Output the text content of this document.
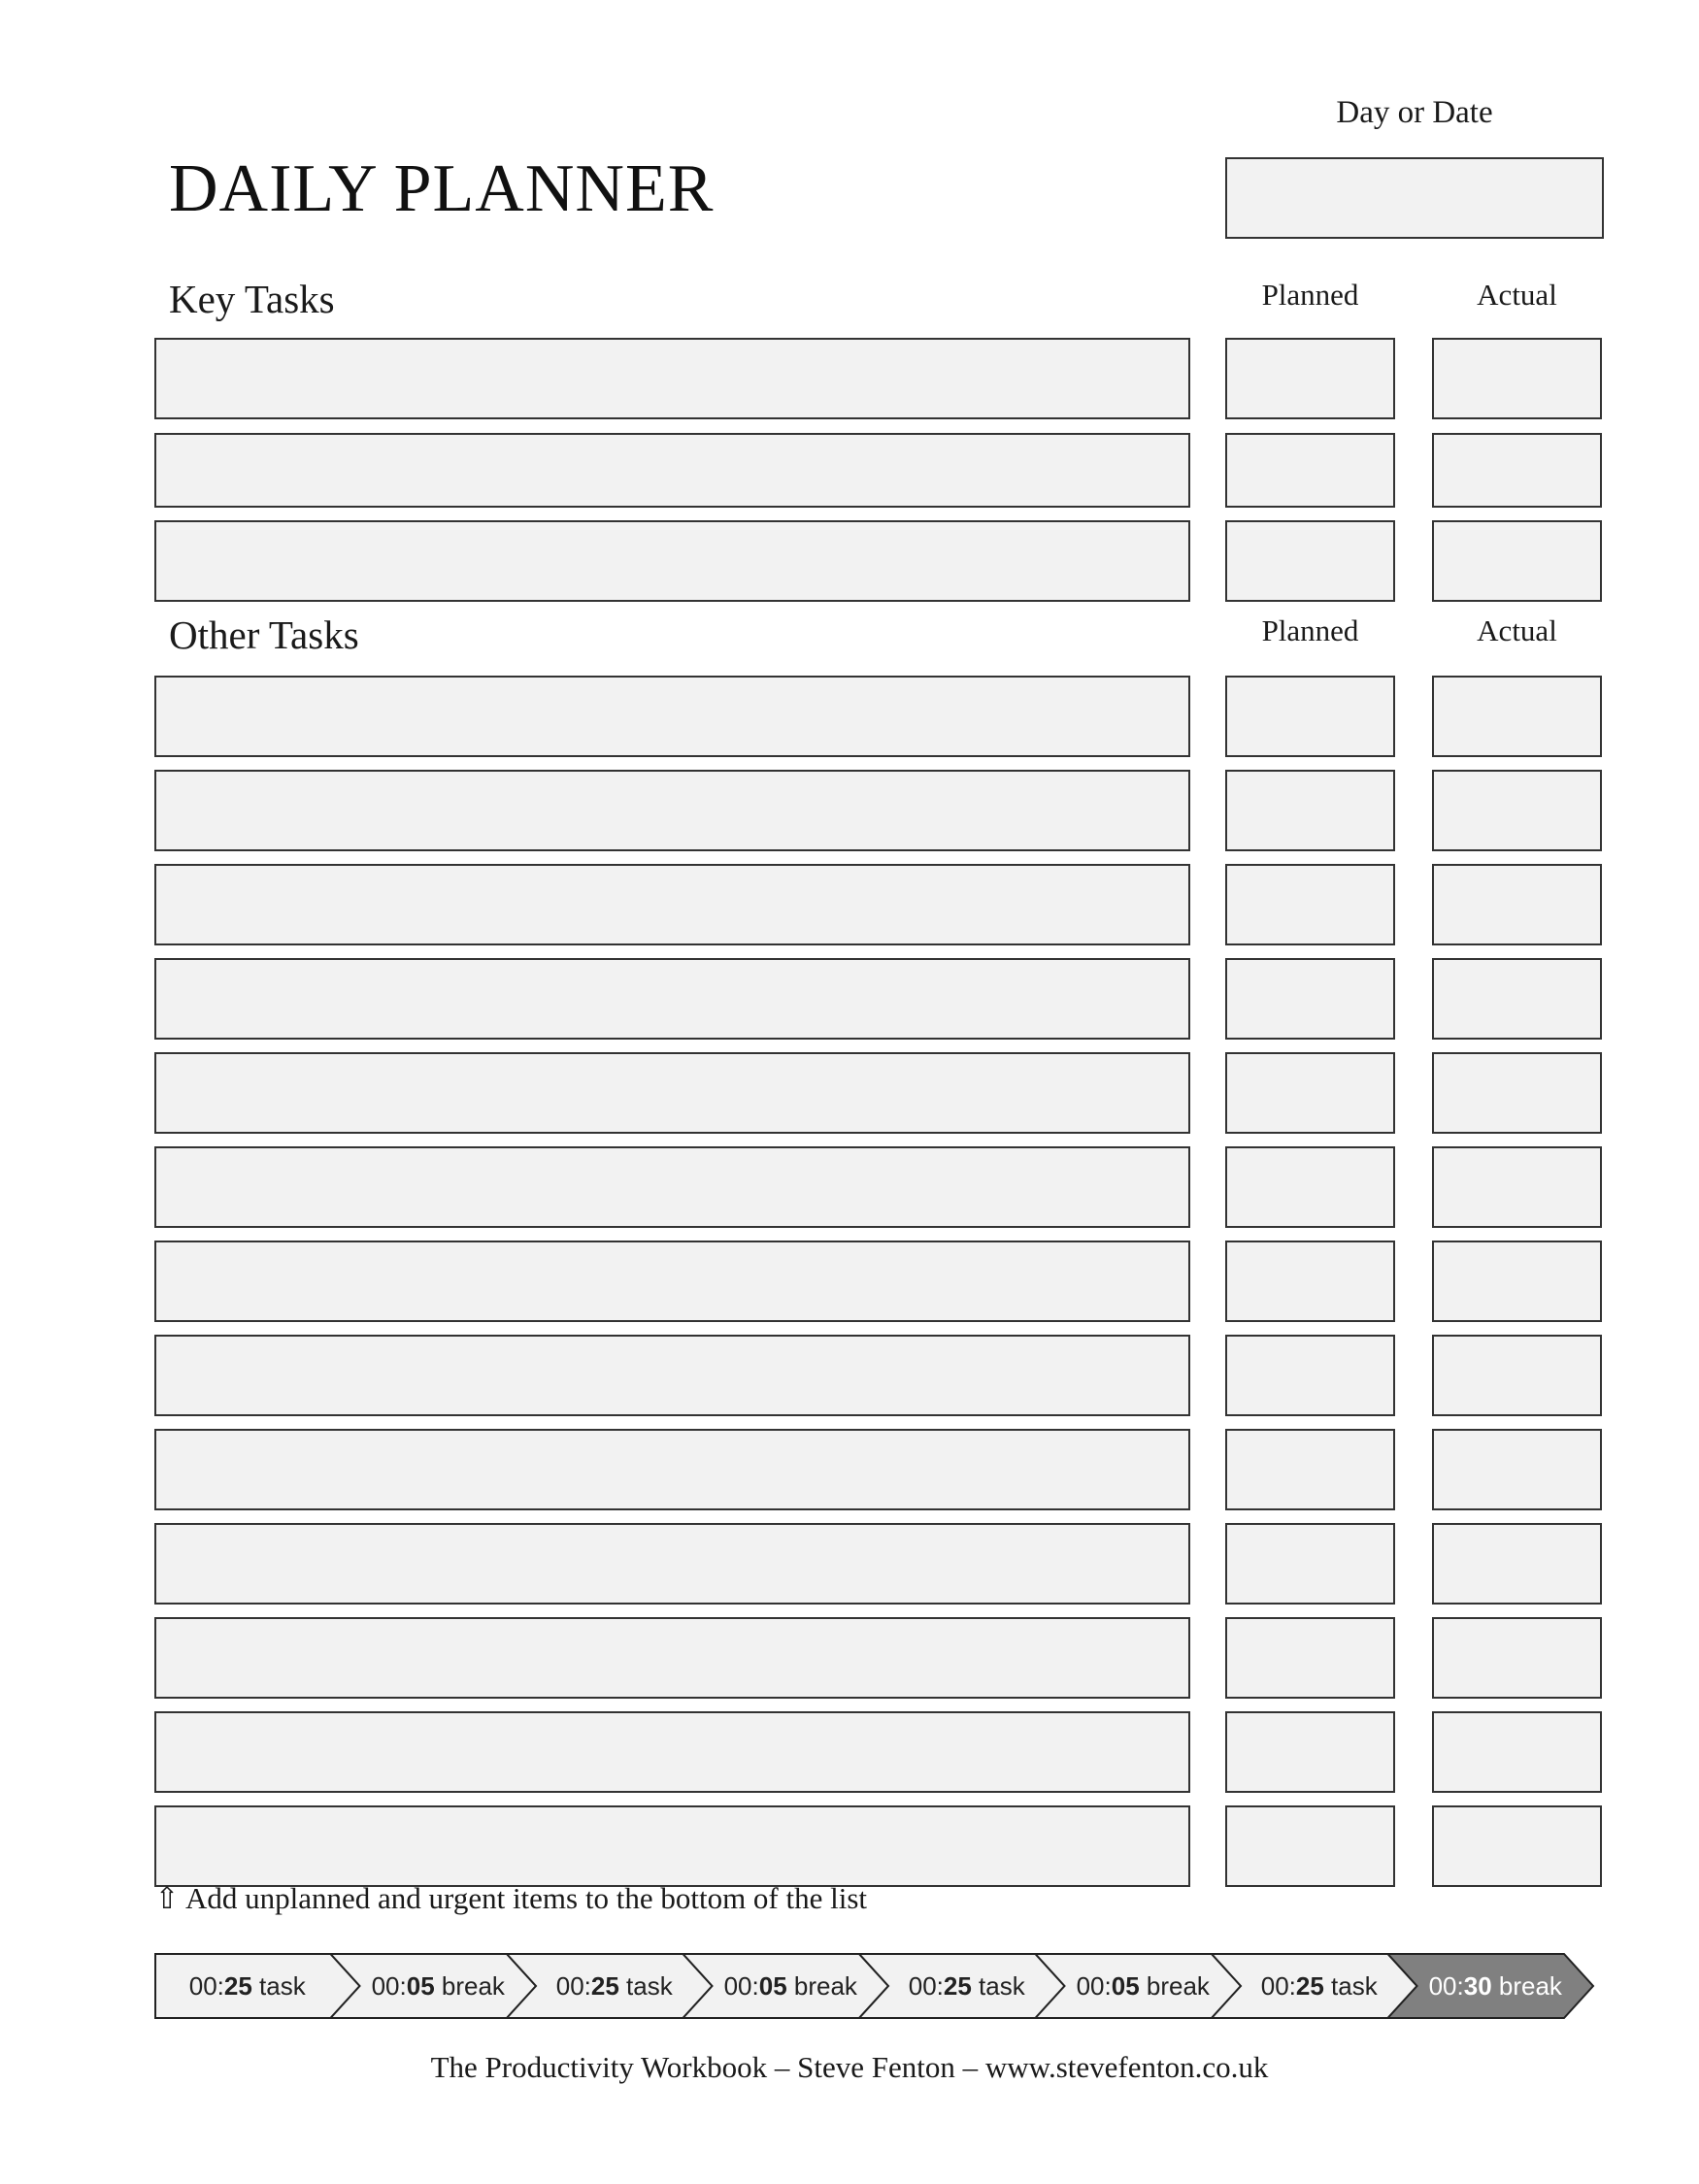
DAILY PLANNER
Day or Date
Key Tasks	Planned	Actual
Other Tasks	Planned	Actual
⇧ Add unplanned and urgent items to the bottom of the list
00:25 task	00:05 break	00:25 task	00:05 break	00:25 task	00:05 break	00:25 task	00:30 break
The Productivity Workbook – Steve Fenton – www.stevefenton.co.uk
